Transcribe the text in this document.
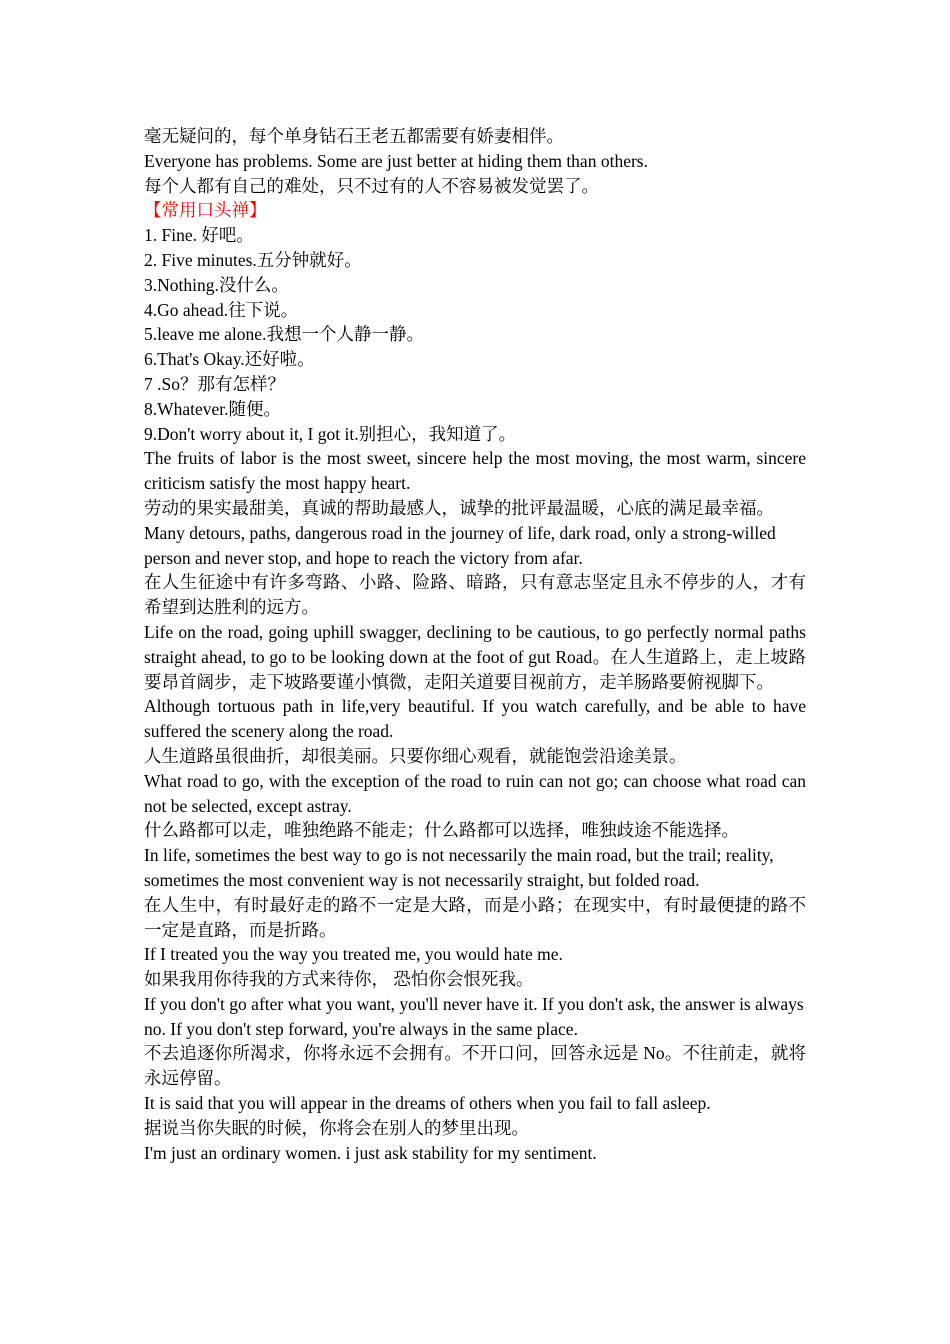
毫无疑问的，每个单身钻石王老五都需要有娇妻相伴。

Everyone has problems. Some are just better at hiding them than others.

每个人都有自己的难处，只不过有的人不容易被发觉罢了。

【常用口头禅】

1. Fine. 好吧。

2. Five minutes.五分钟就好。

3.Nothing.没什么。

4.Go ahead.往下说。

5.leave me alone.我想一个人静一静。

6.That's Okay.还好啦。

7 .So？那有怎样？

8.Whatever.随便。

9.Don't worry about it, I got it.别担心，我知道了。

The fruits of labor is the most sweet, sincere help the most moving, the most warm, sincere criticism satisfy the most happy heart.

劳动的果实最甜美，真诚的帮助最感人，诚挚的批评最温暖，心底的满足最幸福。

Many detours, paths, dangerous road in the journey of life, dark road, only a strong-willed person and never stop, and hope to reach the victory from afar.

在人生征途中有许多弯路、小路、险路、暗路，只有意志坚定且永不停步的人，才有希望到达胜利的远方。

Life on the road, going uphill swagger, declining to be cautious, to go perfectly normal paths straight ahead, to go to be looking down at the foot of gut Road。在人生道路上，走上坡路要昂首阔步，走下坡路要谨小慎微，走阳关道要目视前方，走羊肠路要俯视脚下。

Although tortuous path in life,very beautiful. If you watch carefully, and be able to have suffered the scenery along the road.

人生道路虽很曲折，却很美丽。只要你细心观看，就能饱尝沿途美景。

What road to go, with the exception of the road to ruin can not go; can choose what road can not be selected, except astray.

什么路都可以走，唯独绝路不能走；什么路都可以选择，唯独歧途不能选择。

In life, sometimes the best way to go is not necessarily the main road, but the trail; reality, sometimes the most convenient way is not necessarily straight, but folded road.

在人生中，有时最好走的路不一定是大路，而是小路；在现实中，有时最便捷的路不一定是直路，而是折路。

If I treated you the way you treated me, you would hate me.

如果我用你待我的方式来待你， 恐怕你会恨死我。

If you don't go after what you want, you'll never have it. If you don't ask, the answer is always no. If you don't step forward, you're always in the same place.

不去追逐你所渴求，你将永远不会拥有。不开口问，回答永远是 No。不往前走，就将永远停留。

It is said that you will appear in the dreams of others when you fail to fall asleep.

据说当你失眠的时候，你将会在别人的梦里出现。

I'm just an ordinary women. i just ask stability for my sentiment.
